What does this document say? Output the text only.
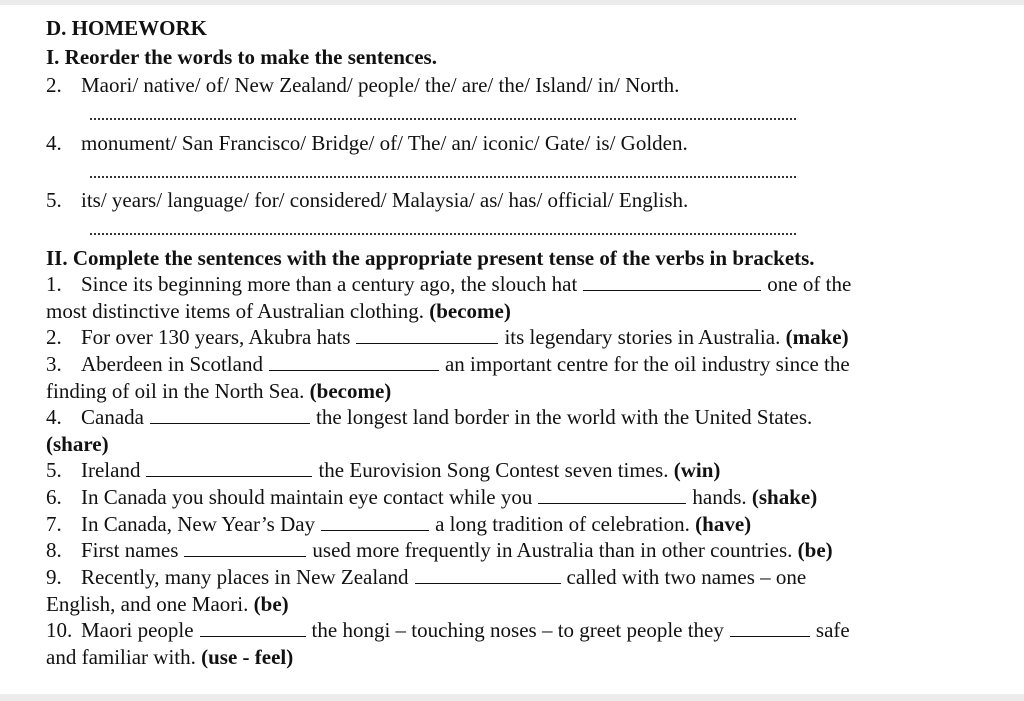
D. HOMEWORK
I. Reorder the words to make the sentences.
2. Maori/ native/ of/ New Zealand/ people/ the/ are/ the/ Island/ in/ North.
4. monument/ San Francisco/ Bridge/ of/ The/ an/ iconic/ Gate/ is/ Golden.
5. its/ years/ language/ for/ considered/ Malaysia/ as/ has/ official/ English.
II. Complete the sentences with the appropriate present tense of the verbs in brackets.
1. Since its beginning more than a century ago, the slouch hat	one of the
most distinctive items of Australian clothing. (become)
2. For over 130 years, Akubra hats	its legendary stories in Australia. (make)
3. Aberdeen in Scotland	an important centre for the oil industry since the
finding of oil in the North Sea. (become)
4. Canada	the longest land border in the world with the United States.
(share)
5. Ireland	the Eurovision Song Contest seven times. (win)
6. In Canada you should maintain eye contact while you	hands. (shake)
7. In Canada, New Year’s Day	a long tradition of celebration. (have)
8. First names	used more frequently in Australia than in other countries. (be)
9. Recently, many places in New Zealand	called with two names – one
English, and one Maori. (be)
10. Maori people	the hongi – touching noses – to greet people they	safe
and familiar with. (use - feel)
